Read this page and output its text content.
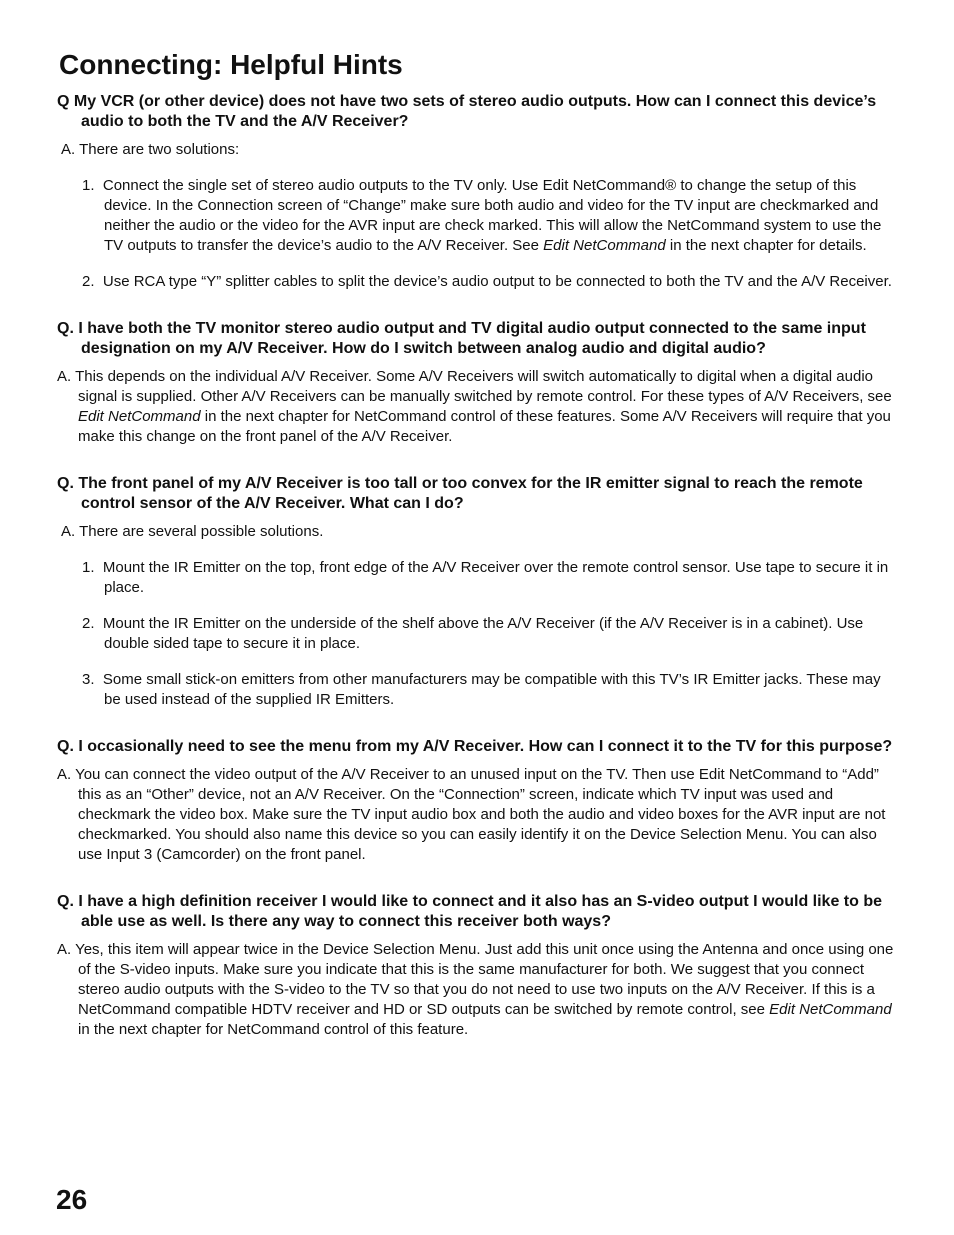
Connecting: Helpful Hints

Q My VCR (or other device) does not have two sets of stereo audio outputs. How can I connect this device’s audio to both the TV and the A/V Receiver?

A. There are two solutions:

1. Connect the single set of stereo audio outputs to the TV only. Use Edit NetCommand® to change the setup of this device. In the Connection screen of “Change” make sure both audio and video for the TV input are checkmarked and neither the audio or the video for the AVR input are check marked. This will allow the NetCommand system to use the TV outputs to transfer the device’s audio to the A/V Receiver. See Edit NetCommand in the next chapter for details.
2. Use RCA type “Y” splitter cables to split the device’s audio output to be connected to both the TV and the A/V Receiver.

Q. I have both the TV monitor stereo audio output and TV digital audio output connected to the same input designation on my A/V Receiver. How do I switch between analog audio and digital audio?

A. This depends on the individual A/V Receiver. Some A/V Receivers will switch automatically to digital when a digital audio signal is supplied. Other A/V Receivers can be manually switched by remote control. For these types of A/V Receivers, see Edit NetCommand in the next chapter for NetCommand control of these features. Some A/V Receivers will require that you make this change on the front panel of the A/V Receiver.

Q. The front panel of my A/V Receiver is too tall or too convex for the IR emitter signal to reach the remote control sensor of the A/V Receiver. What can I do?

A. There are several possible solutions.

1. Mount the IR Emitter on the top, front edge of the A/V Receiver over the remote control sensor. Use tape to secure it in place.
2. Mount the IR Emitter on the underside of the shelf above the A/V Receiver (if the A/V Receiver is in a cabinet). Use double sided tape to secure it in place.
3. Some small stick-on emitters from other manufacturers may be compatible with this TV’s IR Emitter jacks. These may be used instead of the supplied IR Emitters.

Q. I occasionally need to see the menu from my A/V Receiver. How can I connect it to the TV for this purpose?

A. You can connect the video output of the A/V Receiver to an unused input on the TV. Then use Edit NetCommand to “Add” this as an “Other” device, not an A/V Receiver. On the “Connection” screen, indicate which TV input was used and checkmark the video box. Make sure the TV input audio box and both the audio and video boxes for the AVR input are not checkmarked. You should also name this device so you can easily identify it on the Device Selection Menu. You can also use Input 3 (Camcorder) on the front panel.

Q. I have a high definition receiver I would like to connect and it also has an S-video output I would like to be able use as well. Is there any way to connect this receiver both ways?

A. Yes, this item will appear twice in the Device Selection Menu. Just add this unit once using the Antenna and once using one of the S-video inputs. Make sure you indicate that this is the same manufacturer for both. We suggest that you connect stereo audio outputs with the S-video to the TV so that you do not need to use two inputs on the A/V Receiver. If this is a NetCommand compatible HDTV receiver and HD or SD outputs can be switched by remote control, see Edit NetCommand in the next chapter for NetCommand control of this feature.

26
